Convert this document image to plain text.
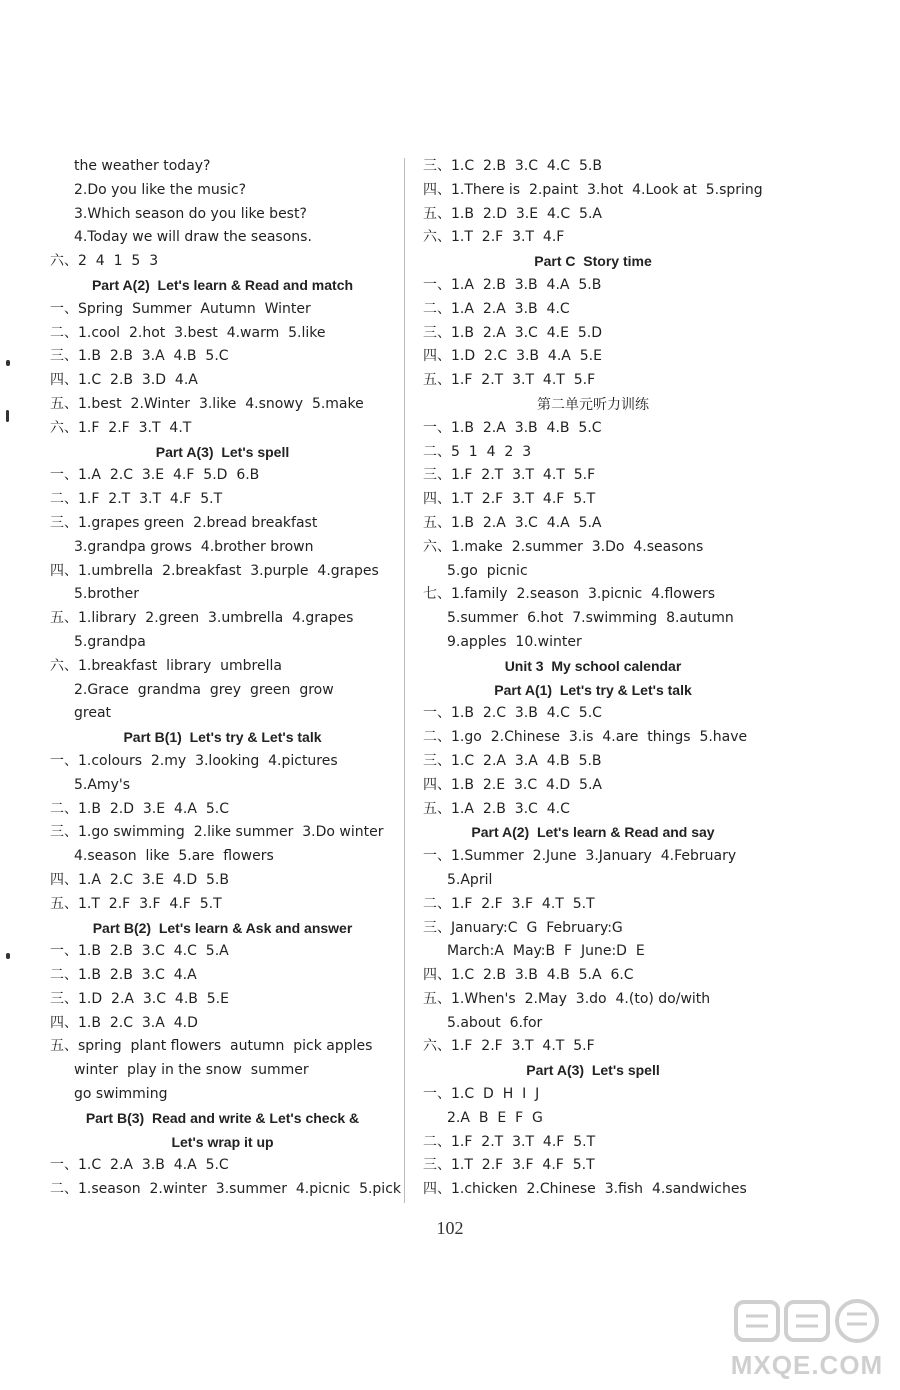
the weather today?
2.Do you like the music?
3.Which season do you like best?
4.Today we will draw the seasons.
六、2  4  1  5  3
Part A(2)  Let's learn & Read and match
一、Spring  Summer  Autumn  Winter
二、1.cool  2.hot  3.best  4.warm  5.like
三、1.B  2.B  3.A  4.B  5.C
四、1.C  2.B  3.D  4.A
五、1.best  2.Winter  3.like  4.snowy  5.make
六、1.F  2.F  3.T  4.T
Part A(3)  Let's spell
一、1.A  2.C  3.E  4.F  5.D  6.B
二、1.F  2.T  3.T  4.F  5.T
三、1.grapes green  2.bread breakfast
3.grandpa grows  4.brother brown
四、1.umbrella  2.breakfast  3.purple  4.grapes
5.brother
五、1.library  2.green  3.umbrella  4.grapes
5.grandpa
六、1.breakfast  library  umbrella
2.Grace  grandma  grey  green  grow
great
Part B(1)  Let's try & Let's talk
一、1.colours  2.my  3.looking  4.pictures
5.Amy's
二、1.B  2.D  3.E  4.A  5.C
三、1.go swimming  2.like summer  3.Do winter
4.season  like  5.are  flowers
四、1.A  2.C  3.E  4.D  5.B
五、1.T  2.F  3.F  4.F  5.T
Part B(2)  Let's learn & Ask and answer
一、1.B  2.B  3.C  4.C  5.A
二、1.B  2.B  3.C  4.A
三、1.D  2.A  3.C  4.B  5.E
四、1.B  2.C  3.A  4.D
五、spring  plant flowers  autumn  pick apples
winter  play in the snow  summer
go swimming
Part B(3)  Read and write & Let's check &
Let's wrap it up
一、1.C  2.A  3.B  4.A  5.C
二、1.season  2.winter  3.summer  4.picnic  5.pick
三、1.C  2.B  3.C  4.C  5.B
四、1.There is  2.paint  3.hot  4.Look at  5.spring
五、1.B  2.D  3.E  4.C  5.A
六、1.T  2.F  3.T  4.F
Part C  Story time
一、1.A  2.B  3.B  4.A  5.B
二、1.A  2.A  3.B  4.C
三、1.B  2.A  3.C  4.E  5.D
四、1.D  2.C  3.B  4.A  5.E
五、1.F  2.T  3.T  4.T  5.F
第二单元听力训练
一、1.B  2.A  3.B  4.B  5.C
二、5  1  4  2  3
三、1.F  2.T  3.T  4.T  5.F
四、1.T  2.F  3.T  4.F  5.T
五、1.B  2.A  3.C  4.A  5.A
六、1.make  2.summer  3.Do  4.seasons
5.go  picnic
七、1.family  2.season  3.picnic  4.flowers
5.summer  6.hot  7.swimming  8.autumn
9.apples  10.winter
Unit 3  My school calendar
Part A(1)  Let's try & Let's talk
一、1.B  2.C  3.B  4.C  5.C
二、1.go  2.Chinese  3.is  4.are  things  5.have
三、1.C  2.A  3.A  4.B  5.B
四、1.B  2.E  3.C  4.D  5.A
五、1.A  2.B  3.C  4.C
Part A(2)  Let's learn & Read and say
一、1.Summer  2.June  3.January  4.February
5.April
二、1.F  2.F  3.F  4.T  5.T
三、January:C  G  February:G
March:A  May:B  F  June:D  E
四、1.C  2.B  3.B  4.B  5.A  6.C
五、1.When's  2.May  3.do  4.(to) do/with
5.about  6.for
六、1.F  2.F  3.T  4.T  5.F
Part A(3)  Let's spell
一、1.C  D  H  I  J
2.A  B  E  F  G
二、1.F  2.T  3.T  4.F  5.T
三、1.T  2.F  3.F  4.F  5.T
四、1.chicken  2.Chinese  3.fish  4.sandwiches
102
MXQE.COM
